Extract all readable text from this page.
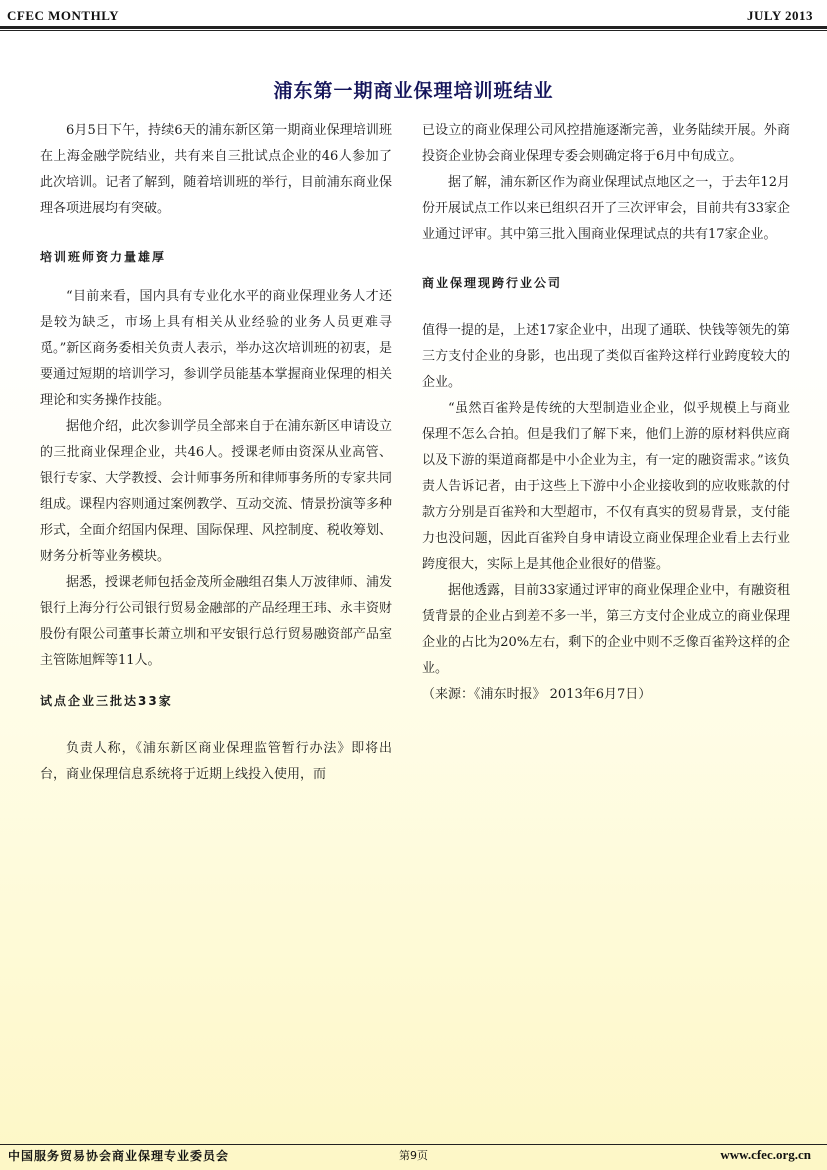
CFEC MONTHLY	JULY 2013
浦东第一期商业保理培训班结业

6月5日下午，持续6天的浦东新区第一期商业保理培训班在上海金融学院结业，共有来自三批试点企业的46人参加了此次培训。记者了解到，随着培训班的举行，目前浦东商业保理各项进展均有突破。

培训班师资力量雄厚

“目前来看，国内具有专业化水平的商业保理业务人才还是较为缺乏，市场上具有相关从业经验的业务人员更难寻觅。”新区商务委相关负责人表示，举办这次培训班的初衷，是要通过短期的培训学习，参训学员能基本掌握商业保理的相关理论和实务操作技能。

据他介绍，此次参训学员全部来自于在浦东新区申请设立的三批商业保理企业，共46人。授课老师由资深从业高管、银行专家、大学教授、会计师事务所和律师事务所的专家共同组成。课程内容则通过案例教学、互动交流、情景扮演等多种形式，全面介绍国内保理、国际保理、风控制度、税收筹划、财务分析等业务模块。

据悉，授课老师包括金茂所金融组召集人万波律师、浦发银行上海分行公司银行贸易金融部的产品经理王玮、永丰资财股份有限公司董事长萧立圳和平安银行总行贸易融资部产品室主管陈旭辉等11人。

试点企业三批达33家

负责人称，《浦东新区商业保理监管暂行办法》即将出台，商业保理信息系统将于近期上线投入使用，而

已设立的商业保理公司风控措施逐渐完善，业务陆续开展。外商投资企业协会商业保理专委会则确定将于6月中旬成立。

据了解，浦东新区作为商业保理试点地区之一，于去年12月份开展试点工作以来已组织召开了三次评审会，目前共有33家企业通过评审。其中第三批入围商业保理试点的共有17家企业。

商业保理现跨行业公司

值得一提的是，上述17家企业中，出现了通联、快钱等领先的第三方支付企业的身影，也出现了类似百雀羚这样行业跨度较大的企业。

“虽然百雀羚是传统的大型制造业企业，似乎规模上与商业保理不怎么合拍。但是我们了解下来，他们上游的原材料供应商以及下游的渠道商都是中小企业为主，有一定的融资需求。”该负责人告诉记者，由于这些上下游中小企业接收到的应收账款的付款方分别是百雀羚和大型超市，不仅有真实的贸易背景，支付能力也没问题，因此百雀羚自身申请设立商业保理企业看上去行业跨度很大，实际上是其他企业很好的借鉴。

据他透露，目前33家通过评审的商业保理企业中，有融资租赁背景的企业占到差不多一半，第三方支付企业成立的商业保理企业的占比为20%左右，剩下的企业中则不乏像百雀羚这样的企业。

（来源：《浦东时报》 2013年6月7日）

中国服务贸易协会商业保理专业委员会	第9页	www.cfec.org.cn
